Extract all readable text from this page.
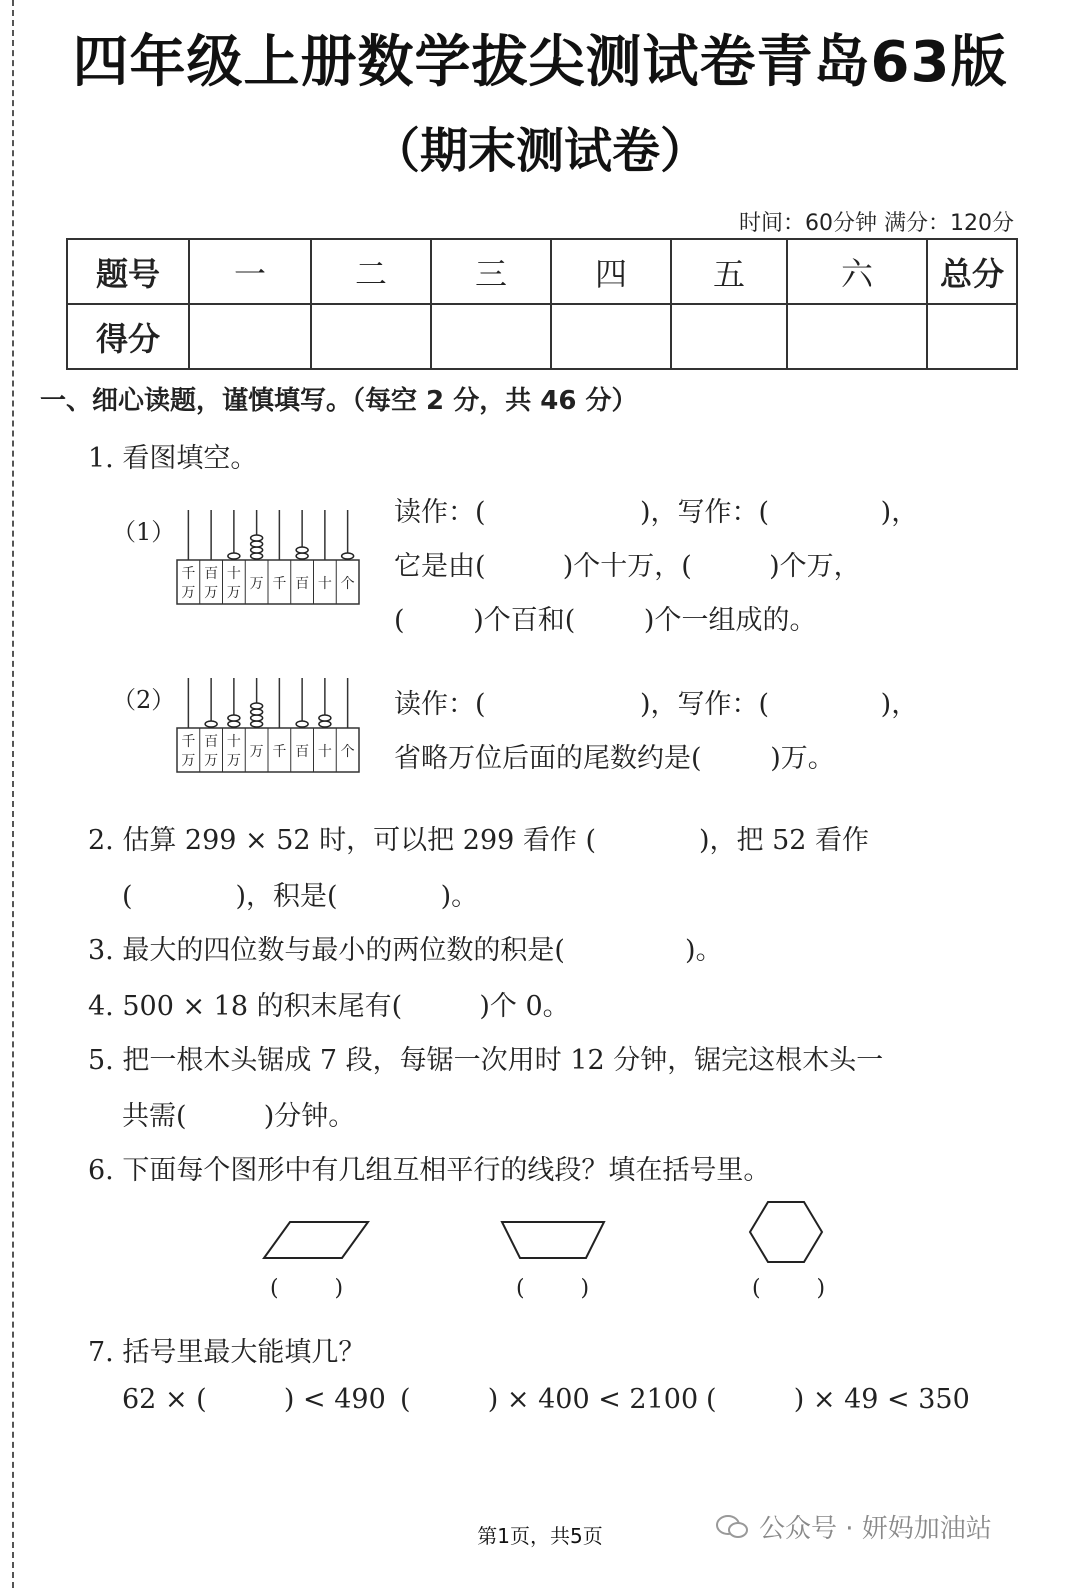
四年级上册数学拔尖测试卷青岛63版
（期末测试卷）
时间：60分钟 满分：120分
题号	一	二	三	四	五	六	总分
得分							
一、细心读题，谨慎填写。（每空 2 分，共 46 分）
1. 看图填空。
（1）
千
万
百
万
十
万
万 千 百 十 个
读作：(                  )，写作：(             )，
它是由(         )个十万，(         )个万，
(        )个百和(        )个一组成的。
（2）
千
万
百
万
十
万
万 千 百 十 个
读作：(                  )，写作：(             )，
省略万位后面的尾数约是(        )万。
2. 估算 299 × 52 时，可以把 299 看作 (            )，把 52 看作
(            )，积是(            )。
3. 最大的四位数与最小的两位数的积是(              )。
4. 500 × 18 的积末尾有(         )个 0。
5. 把一根木头锯成 7 段，每锯一次用时 12 分钟，锯完这根木头一
共需(         )分钟。
6. 下面每个图形中有几组互相平行的线段？填在括号里。
(        )	(        )	(        )
7. 括号里最大能填几？
62 × (         ) < 490 (         ) × 400 < 2100 (         ) × 49 < 350
第1页，共5页	公众号 · 妍妈加油站
